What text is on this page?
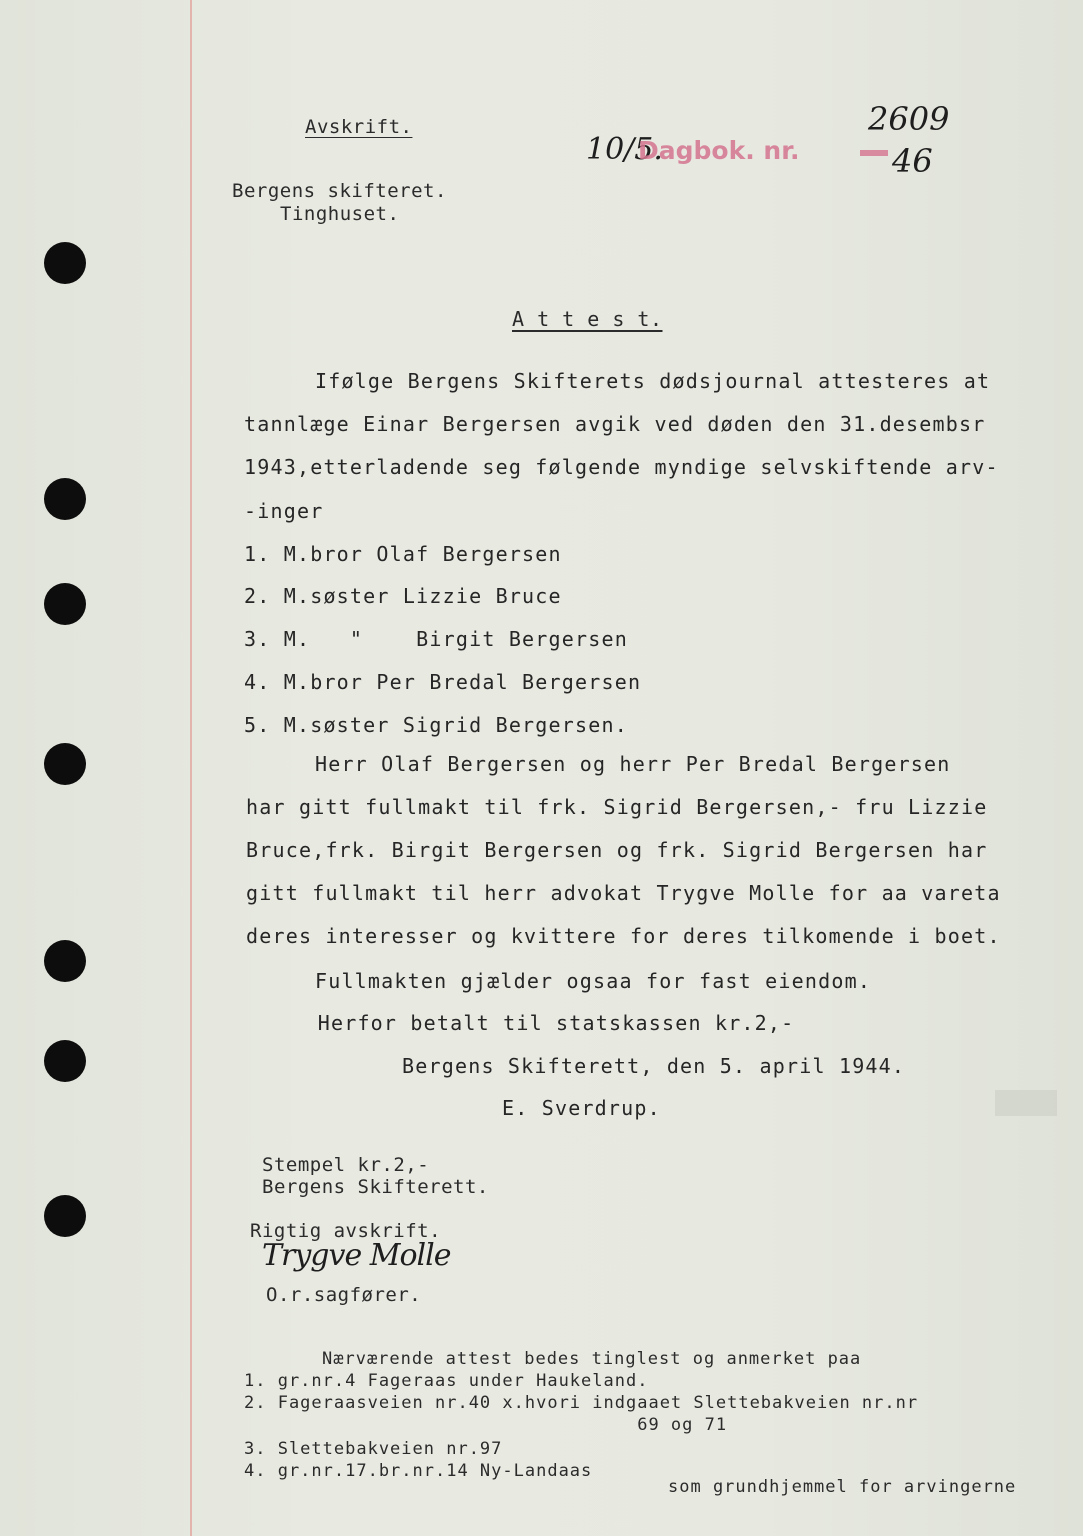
Avskrift.

Bergens skifteret.

Tinghuset.

10/5.

Dagbok. nr.

2609

46

A t t e s t.

Ifølge Bergens Skifterets dødsjournal attesteres at

tannlæge Einar Bergersen avgik ved døden den 31.desembsr

1943,etterladende seg følgende myndige selvskiftende arv-

-inger

1. M.bror Olaf Bergersen

2. M.søster Lizzie Bruce

3. M.   "    Birgit Bergersen

4. M.bror Per Bredal Bergersen

5. M.søster Sigrid Bergersen.

Herr Olaf Bergersen og herr Per Bredal Bergersen

har gitt fullmakt til frk. Sigrid Bergersen,- fru Lizzie

Bruce,frk. Birgit Bergersen og frk. Sigrid Bergersen har

gitt fullmakt til herr advokat Trygve Molle for aa vareta

deres interesser og kvittere for deres tilkomende i boet.

Fullmakten gjælder ogsaa for fast eiendom.

Herfor betalt til statskassen kr.2,-

Bergens Skifterett, den 5. april 1944.

E. Sverdrup.

Stempel kr.2,-

Bergens Skifterett.

Rigtig avskrift.

Trygve Molle

O.r.sagfører.

Nærværende attest bedes tinglest og anmerket paa

1. gr.nr.4 Fageraas under Haukeland.

2. Fageraasveien nr.40 x.hvori indgaaet Slettebakveien nr.nr

69 og 71

3. Slettebakveien nr.97

4. gr.nr.17.br.nr.14 Ny-Landaas

som grundhjemmel for arvingerne
